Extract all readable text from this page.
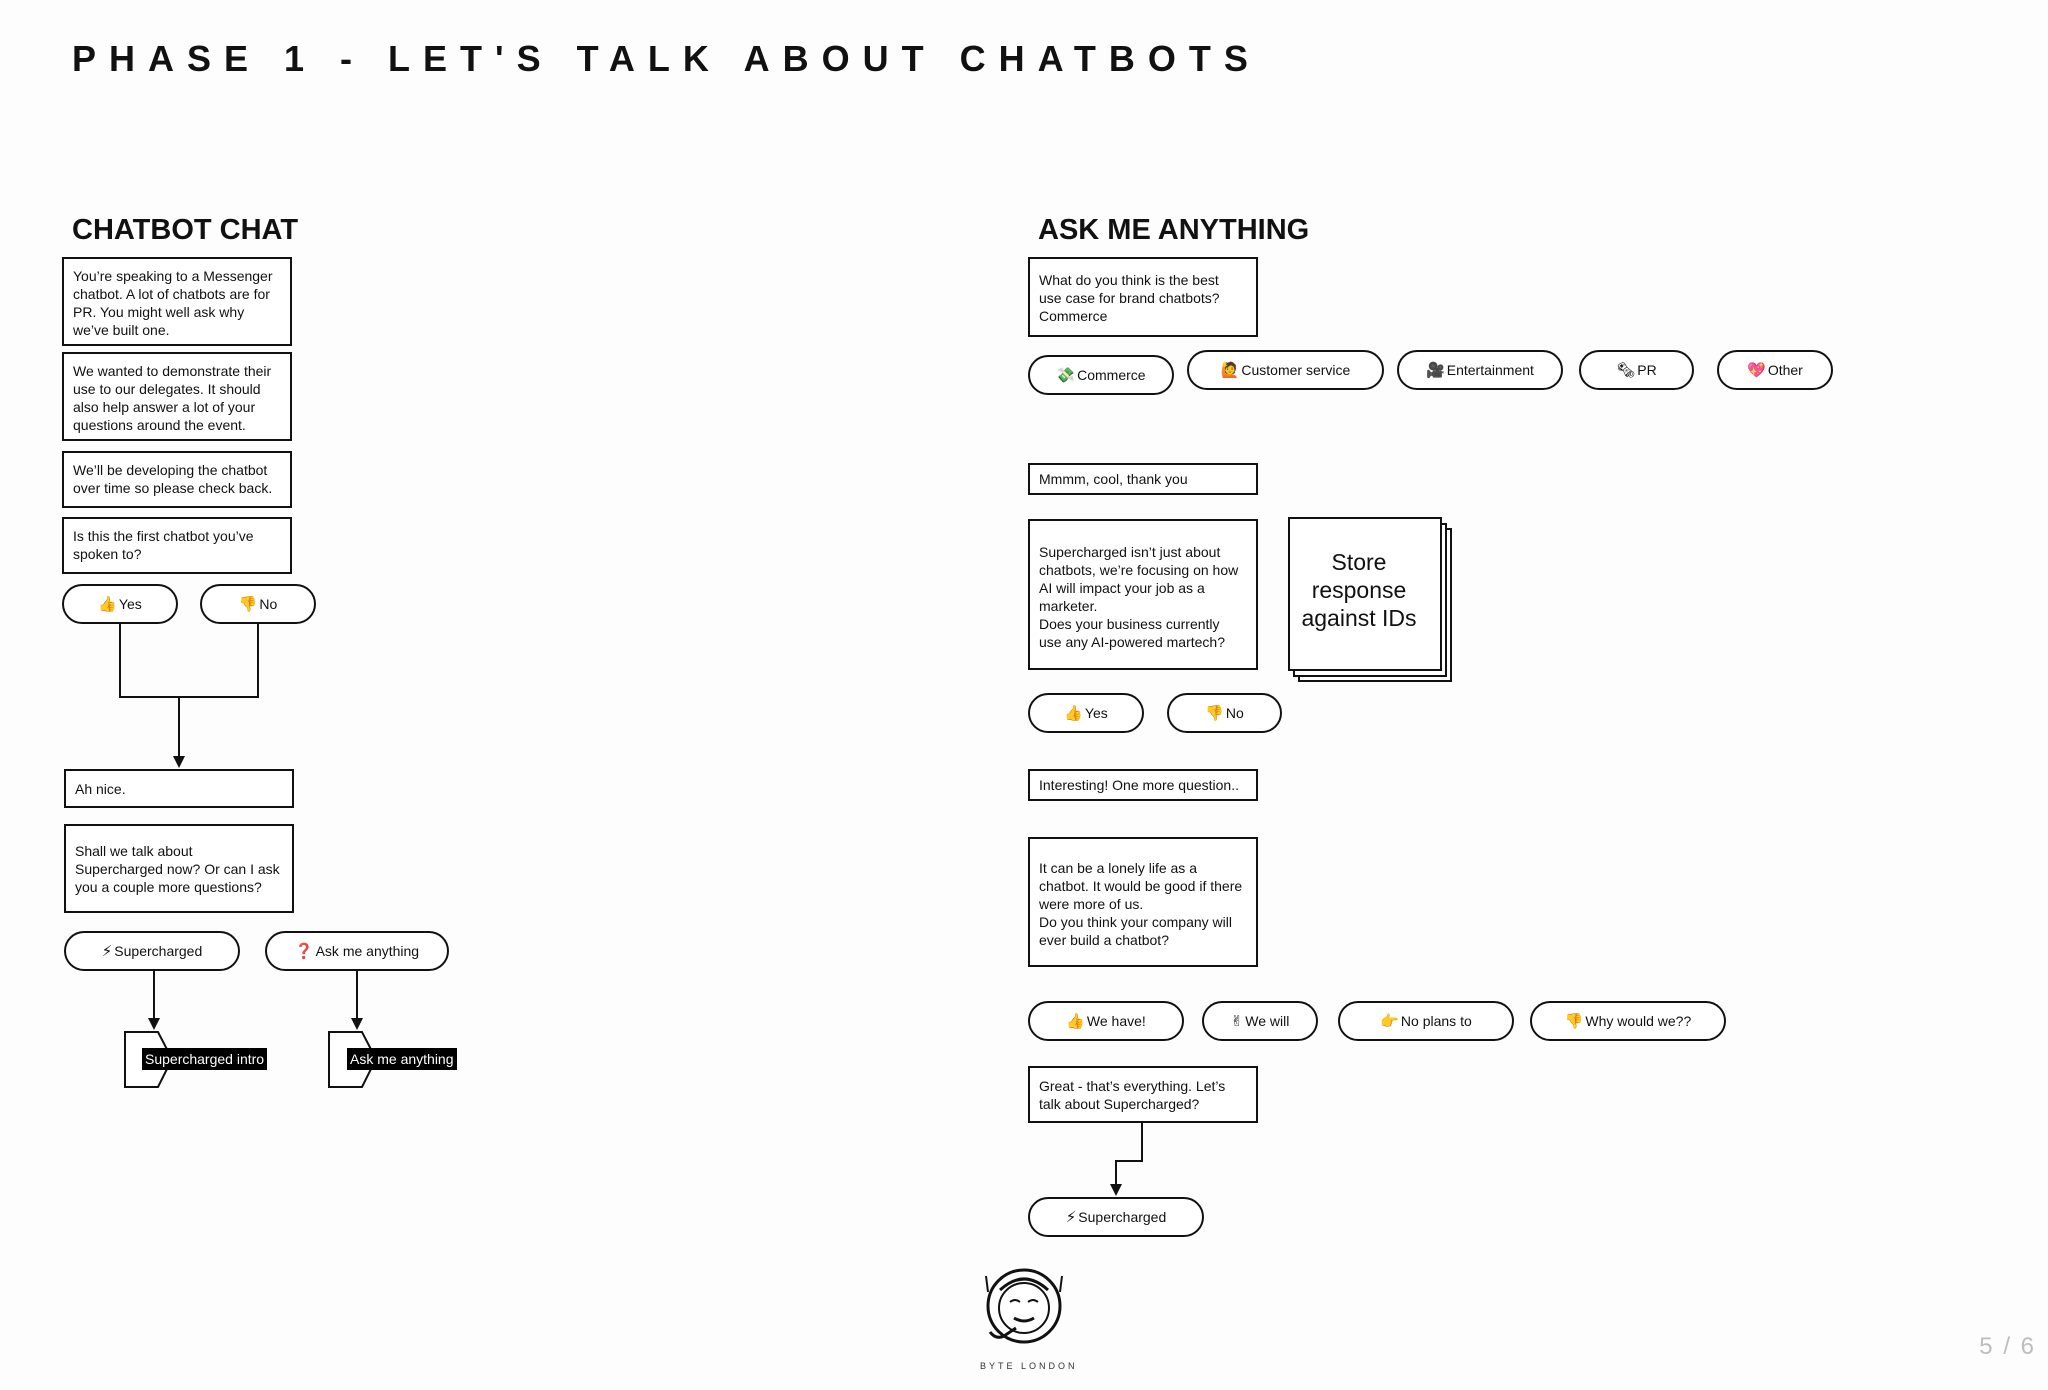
PHASE 1 - LET'S TALK ABOUT CHATBOTS
CHATBOT CHAT
You’re speaking to a Messenger
chatbot. A lot of chatbots are for
PR. You might well ask why
we’ve built one.
We wanted to demonstrate their
use to our delegates. It should
also help answer a lot of your
questions around the event.
We’ll be developing the chatbot
over time so please check back.
Is this the first chatbot you’ve
spoken to?
👍 Yes	👎 No
Ah nice.
Shall we talk about
Supercharged now? Or can I ask
you a couple more questions?
⚡ Supercharged	❓ Ask me anything
Supercharged intro	Ask me anything
ASK ME ANYTHING
What do you think is the best
use case for brand chatbots?
Commerce
💸 Commerce	🙋 Customer service	🎥 Entertainment	🗞 PR	💖 Other
Mmmm, cool, thank you
Supercharged isn’t just about
chatbots, we’re focusing on how
AI will impact your job as a
marketer.
Does your business currently
use any AI-powered martech?
Store
response
against IDs
👍 Yes	👎 No
Interesting! One more question..
It can be a lonely life as a
chatbot. It would be good if there
were more of us.
Do you think your company will
ever build a chatbot?
👍 We have!	✌ We will	👉 No plans to	👎 Why would we??
Great - that’s everything. Let’s
talk about Supercharged?
⚡ Supercharged
BYTE LONDON
5 / 6
